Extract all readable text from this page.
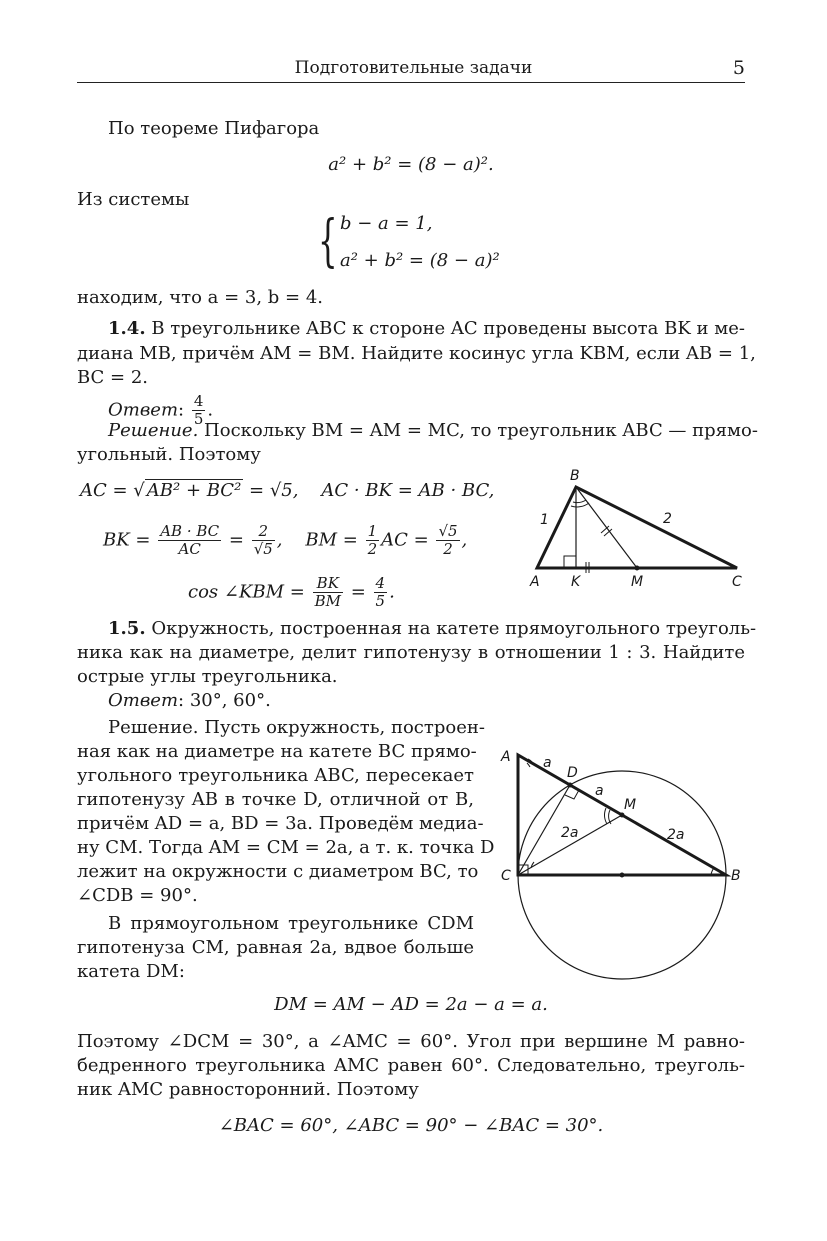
Подготовительные задачи	5
По теореме Пифагора
a² + b² = (8 − a)².
Из системы
{ b − a = 1,
a² + b² = (8 − a)²
находим, что a = 3, b = 4.
1.4. В треугольнике ABC к стороне AC проведены высота BK и ме-
диана MB, причём AM = BM. Найдите косинус угла KBM, если AB = 1,
BC = 2.
Ответ: $\frac{4}{5}$ .
Решение. Поскольку BM = AM = MC, то треугольник ABC — прямо-
угольный. Поэтому
AC = √ AB² + BC² = √5, AC · BK = AB · BC,
BK = $\frac{AB \cdot BC}{AC} = \frac{2}{√5}$ ,    BM = $\frac{1}{2}$ AC = $\frac{√5}{2}$ ,
cos ∠KBM = $\frac{BK}{BM} = \frac{4}{5}$ .
B
A K	M	C
1	2
1.5. Окружность, построенная на катете прямоугольного треуголь-
ника как на диаметре, делит гипотенузу в отношении 1 : 3. Найдите
острые углы треугольника.
Ответ: 30°, 60°.
Решение. Пусть окружность, построен-
ная как на диаметре на катете BC прямо-
угольного треугольника ABC, пересекает
гипотенузу AB в точке D, отличной от B,
причём AD = a, BD = 3a. Проведём медиа-
ну CM. Тогда AM = CM = 2a, а т. к. точка D
лежит на окружности с диаметром BC, то
∠CDB = 90°.
В прямоугольном треугольнике CDM
гипотенуза CM, равная 2a, вдвое больше
катета DM:
A
D
M
C	B
a
a
2a	2a
DM = AM − AD = 2a − a = a.
Поэтому ∠DCM = 30°, а ∠AMC = 60°. Угол при вершине M равно-
бедренного треугольника AMC равен 60°. Следовательно, треуголь-
ник AMC равносторонний. Поэтому
∠BAC = 60°, ∠ABC = 90° − ∠BAC = 30°.
